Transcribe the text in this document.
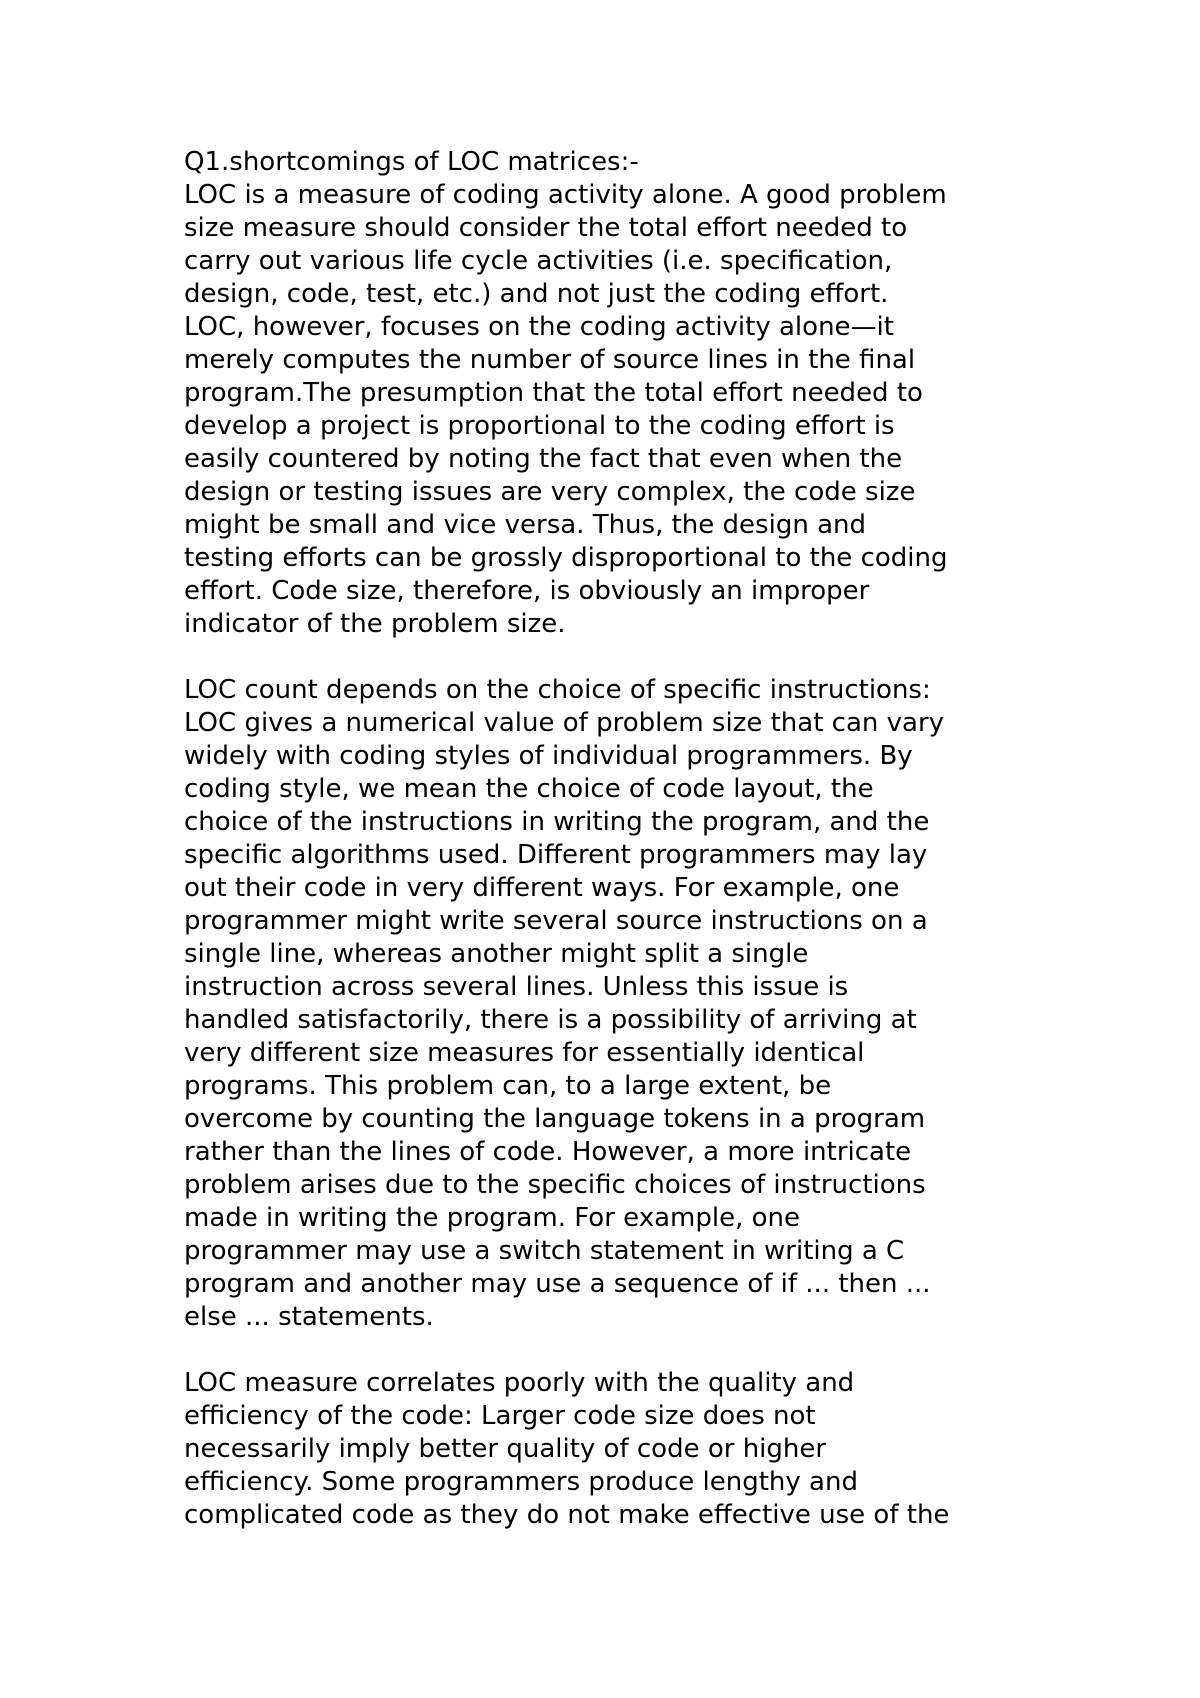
Q1.shortcomings of LOC matrices:-
LOC is a measure of coding activity alone. A good problem
size measure should consider the total effort needed to
carry out various life cycle activities (i.e. specification,
design, code, test, etc.) and not just the coding effort.
LOC, however, focuses on the coding activity alone—it
merely computes the number of source lines in the final
program.The presumption that the total effort needed to
develop a project is proportional to the coding effort is
easily countered by noting the fact that even when the
design or testing issues are very complex, the code size
might be small and vice versa. Thus, the design and
testing efforts can be grossly disproportional to the coding
effort. Code size, therefore, is obviously an improper
indicator of the problem size.
LOC count depends on the choice of specific instructions:
LOC gives a numerical value of problem size that can vary
widely with coding styles of individual programmers. By
coding style, we mean the choice of code layout, the
choice of the instructions in writing the program, and the
specific algorithms used. Different programmers may lay
out their code in very different ways. For example, one
programmer might write several source instructions on a
single line, whereas another might split a single
instruction across several lines. Unless this issue is
handled satisfactorily, there is a possibility of arriving at
very different size measures for essentially identical
programs. This problem can, to a large extent, be
overcome by counting the language tokens in a program
rather than the lines of code. However, a more intricate
problem arises due to the specific choices of instructions
made in writing the program. For example, one
programmer may use a switch statement in writing a C
program and another may use a sequence of if ... then ...
else ... statements.
LOC measure correlates poorly with the quality and
efficiency of the code: Larger code size does not
necessarily imply better quality of code or higher
efficiency. Some programmers produce lengthy and
complicated code as they do not make effective use of the
